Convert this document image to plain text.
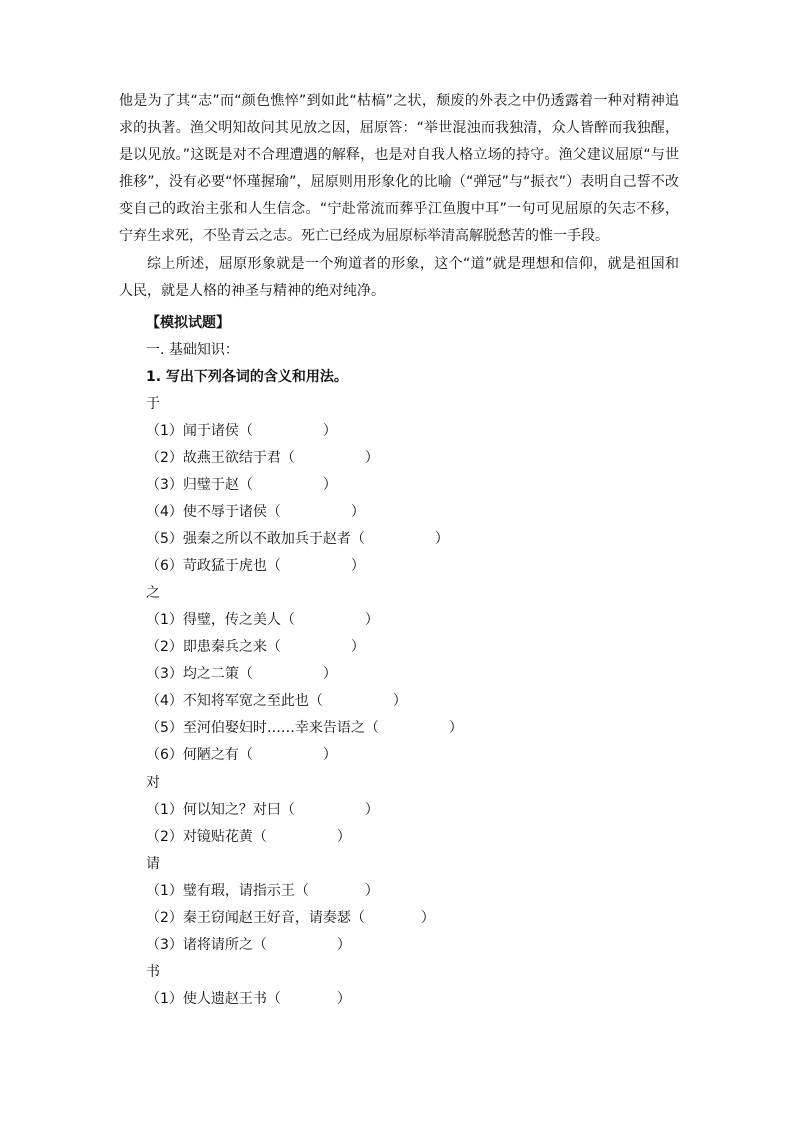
他是为了其“志”而“颜色憔悴”到如此“枯槁”之状，颓废的外表之中仍透露着一种对精神追求的执著。渔父明知故问其见放之因，屈原答：“举世混浊而我独清，众人皆醉而我独醒，是以见放。”这既是对不合理遭遇的解释，也是对自我人格立场的持守。渔父建议屈原“与世推移”，没有必要“怀瑾握瑜”，屈原则用形象化的比喻（“弹冠”与“振衣”）表明自己誓不改变自己的政治主张和人生信念。“宁赴常流而葬乎江鱼腹中耳”一句可见屈原的矢志不移，宁弃生求死，不坠青云之志。死亡已经成为屈原标举清高解脱愁苦的惟一手段。

综上所述，屈原形象就是一个殉道者的形象，这个“道”就是理想和信仰，就是祖国和人民，就是人格的神圣与精神的绝对纯净。

【模拟试题】
一. 基础知识：
1. 写出下列各词的含义和用法。
于
（1）闻于诸侯（　　　　　）
（2）故燕王欲结于君（　　　　　）
（3）归璧于赵（　　　　　）
（4）使不辱于诸侯（　　　　　）
（5）强秦之所以不敢加兵于赵者（　　　　　）
（6）苛政猛于虎也（　　　　　）
之
（1）得璧，传之美人（　　　　　）
（2）即患秦兵之来（　　　　　）
（3）均之二策（　　　　　）
（4）不知将军宽之至此也（　　　　　）
（5）至河伯娶妇时……幸来告语之（　　　　　）
（6）何陋之有（　　　　　）
对
（1）何以知之？对曰（　　　　　）
（2）对镜贴花黄（　　　　　）
请
（1）璧有瑕，请指示王（　　　　）
（2）秦王窃闻赵王好音，请奏瑟（　　　　）
（3）诸将请所之（　　　　　）
书
（1）使人遗赵王书（　　　　）
